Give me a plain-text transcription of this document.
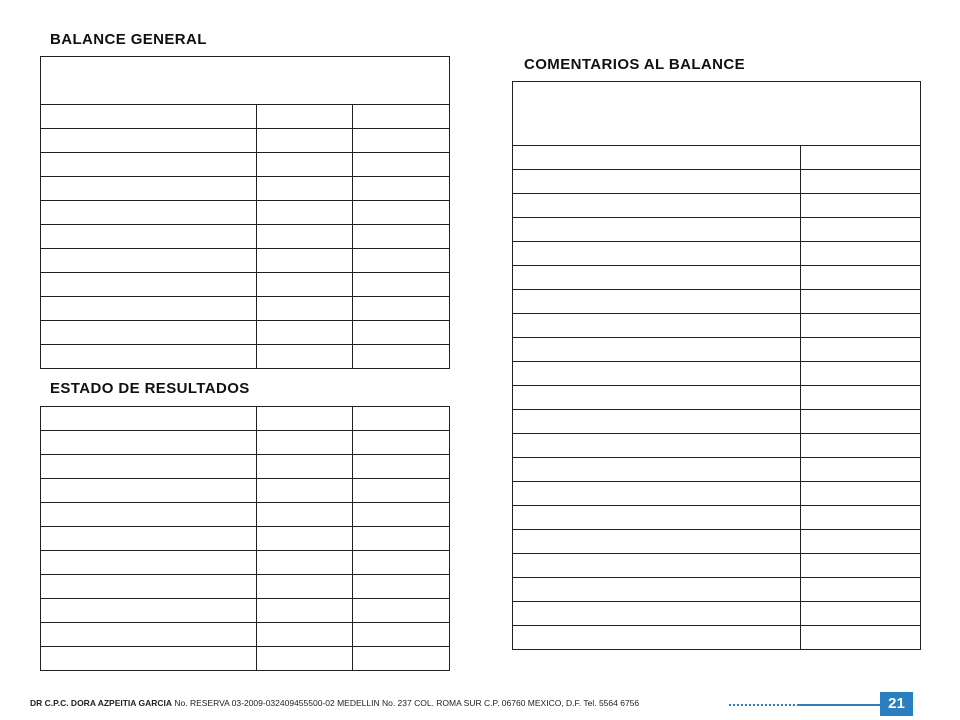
BALANCE GENERAL

ESTADO DE RESULTADOS

COMENTARIOS AL BALANCE

DR C.P.C. DORA AZPEITIA GARCIA No. RESERVA 03-2009-032409455500-02 MEDELLIN No. 237 COL. ROMA SUR C.P. 06760 MEXICO, D.F. Tel. 5564 6756	21
